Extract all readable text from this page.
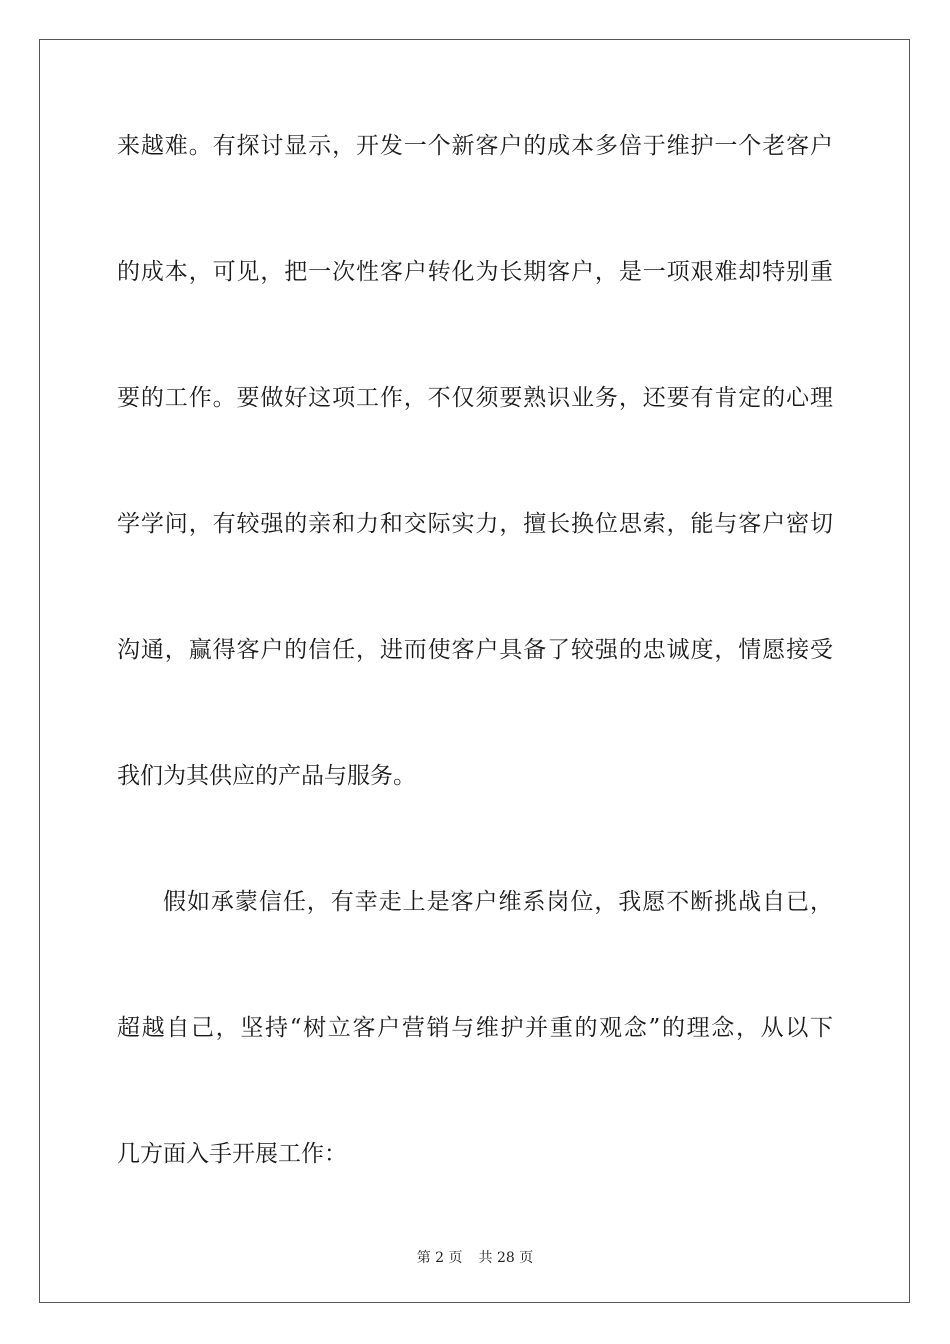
来越难。有探讨显示，开发一个新客户的成本多倍于维护一个老客户
的成本，可见，把一次性客户转化为长期客户，是一项艰难却特别重
要的工作。要做好这项工作，不仅须要熟识业务，还要有肯定的心理
学学问，有较强的亲和力和交际实力，擅长换位思索，能与客户密切
沟通，赢得客户的信任，进而使客户具备了较强的忠诚度，情愿接受
我们为其供应的产品与服务。
假如承蒙信任，有幸走上是客户维系岗位，我愿不断挑战自已，
超越自己，坚持“树立客户营销与维护并重的观念”的理念，从以下
几方面入手开展工作：
第 2 页 共 28 页
